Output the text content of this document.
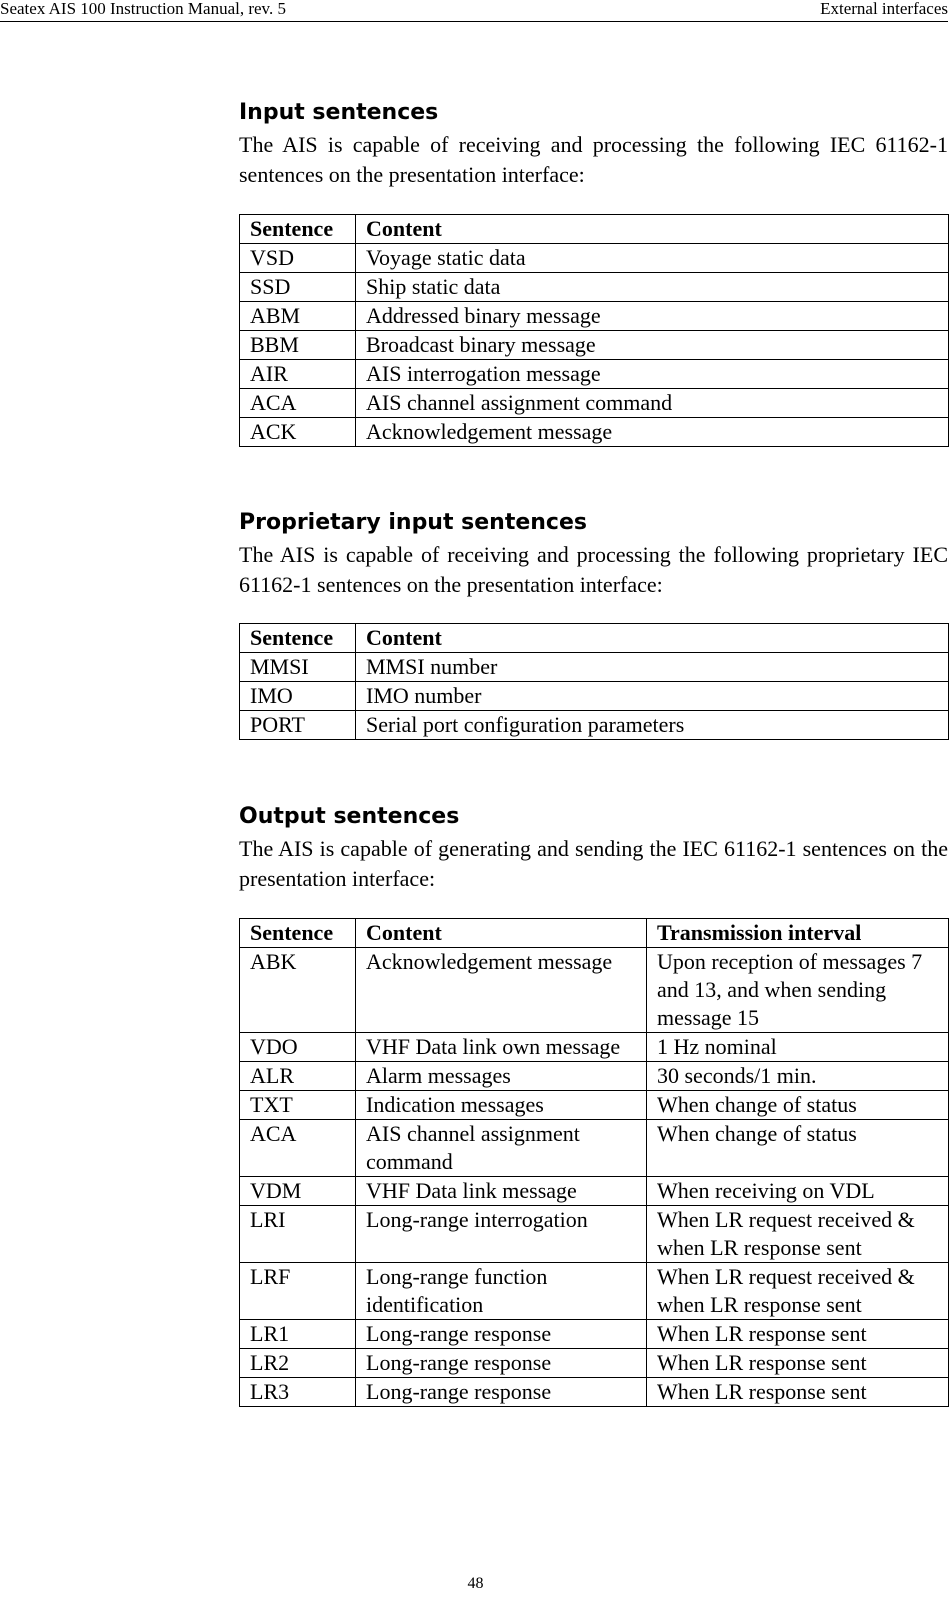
Seatex AIS 100 Instruction Manual, rev. 5	External interfaces
Input sentences

The AIS is capable of receiving and processing the following IEC 61162-1 sentences on the presentation interface:

Sentence	Content
VSD	Voyage static data
SSD	Ship static data
ABM	Addressed binary message
BBM	Broadcast binary message
AIR	AIS interrogation message
ACA	AIS channel assignment command
ACK	Acknowledgement message
Proprietary input sentences

The AIS is capable of receiving and processing the following proprietary IEC 61162-1 sentences on the presentation interface:

Sentence	Content
MMSI	MMSI number
IMO	IMO number
PORT	Serial port configuration parameters
Output sentences

The AIS is capable of generating and sending the IEC 61162-1 sentences on the presentation interface:

Sentence	Content	Transmission interval
ABK	Acknowledgement message	Upon reception of messages 7 and 13, and when sending message 15
VDO	VHF Data link own message	1 Hz nominal
ALR	Alarm messages	30 seconds/1 min.
TXT	Indication messages	When change of status
ACA	AIS channel assignment command	When change of status
VDM	VHF Data link message	When receiving on VDL
LRI	Long-range interrogation	When LR request received & when LR response sent
LRF	Long-range function identification	When LR request received & when LR response sent
LR1	Long-range response	When LR response sent
LR2	Long-range response	When LR response sent
LR3	Long-range response	When LR response sent
48
